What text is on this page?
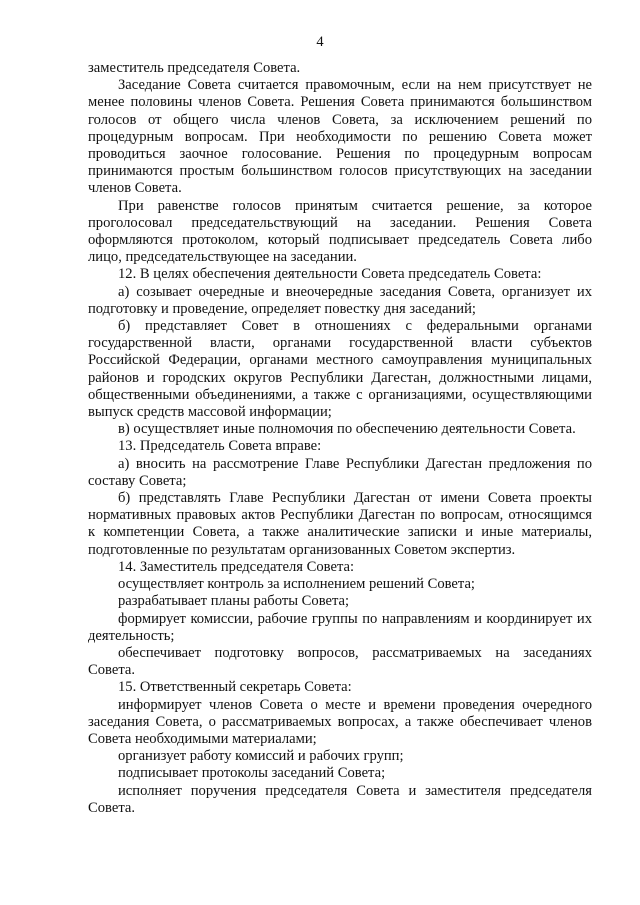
4

заместитель председателя Совета.

Заседание Совета считается правомочным, если на нем присутствует не менее половины членов Совета. Решения Совета принимаются большинством голосов от общего числа членов Совета, за исключением решений по процедурным вопросам. При необходимости по решению Совета может проводиться заочное голосование. Решения по процедурным вопросам принимаются простым большинством голосов присутствующих на заседании членов Совета.

При равенстве голосов принятым считается решение, за которое проголосовал председательствующий на заседании. Решения Совета оформляются протоколом, который подписывает председатель Совета либо лицо, председательствующее на заседании.

12. В целях обеспечения деятельности Совета председатель Совета:

а) созывает очередные и внеочередные заседания Совета, организует их подготовку и проведение, определяет повестку дня заседаний;

б) представляет Совет в отношениях с федеральными органами государственной власти, органами государственной власти субъектов Российской Федерации, органами местного самоуправления муниципальных районов и городских округов Республики Дагестан, должностными лицами, общественными объединениями, а также с организациями, осуществляющими выпуск средств массовой информации;

в) осуществляет иные полномочия по обеспечению деятельности Совета.

13. Председатель Совета вправе:

а) вносить на рассмотрение Главе Республики Дагестан предложения по составу Совета;

б) представлять Главе Республики Дагестан от имени Совета проекты нормативных правовых актов Республики Дагестан по вопросам, относящимся к компетенции Совета, а также аналитические записки и иные материалы, подготовленные по результатам организованных Советом экспертиз.

14. Заместитель председателя Совета:

осуществляет контроль за исполнением решений Совета;

разрабатывает планы работы Совета;

формирует комиссии, рабочие группы по направлениям и координирует их деятельность;

обеспечивает подготовку вопросов, рассматриваемых на заседаниях Совета.

15. Ответственный секретарь Совета:

информирует членов Совета о месте и времени проведения очередного заседания Совета, о рассматриваемых вопросах, а также обеспечивает членов Совета необходимыми материалами;

организует работу комиссий и рабочих групп;

подписывает протоколы заседаний Совета;

исполняет поручения председателя Совета и заместителя председателя Совета.
